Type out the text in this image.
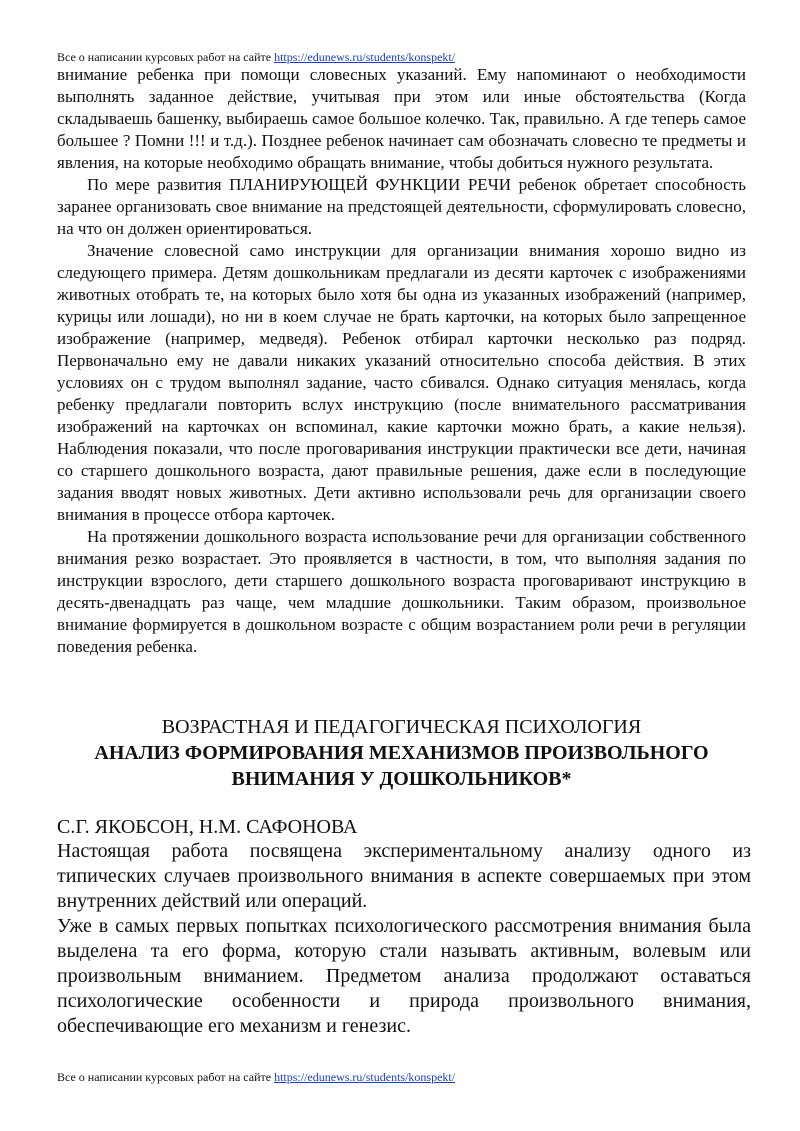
Все о написании курсовых работ на сайте https://edunews.ru/students/konspekt/

внимание ребенка при помощи словесных указаний. Ему напоминают о необходимости выполнять заданное действие, учитывая при этом или иные обстоятельства (Когда складываешь башенку, выбираешь самое большое колечко. Так, правильно. А где теперь самое большее ? Помни !!! и т.д.). Позднее ребенок начинает сам обозначать словесно те предметы и явления, на которые необходимо обращать внимание, чтобы добиться нужного результата.

По мере развития ПЛАНИРУЮЩЕЙ ФУНКЦИИ РЕЧИ ребенок обретает способность заранее организовать свое внимание на предстоящей деятельности, сформулировать словесно, на что он должен ориентироваться.

Значение словесной само инструкции для организации внимания хорошо видно из следующего примера. Детям дошкольникам предлагали из десяти карточек с изображениями животных отобрать те, на которых было хотя бы одна из указанных изображений (например, курицы или лошади), но ни в коем случае не брать карточки, на которых было запрещенное изображение (например, медведя). Ребенок отбирал карточки несколько раз подряд. Первоначально ему не давали никаких указаний относительно способа действия. В этих условиях он с трудом выполнял задание, часто сбивался. Однако ситуация менялась, когда ребенку предлагали повторить вслух инструкцию (после внимательного рассматривания изображений на карточках он вспоминал, какие карточки можно брать, а какие нельзя). Наблюдения показали, что после проговаривания инструкции практически все дети, начиная со старшего дошкольного возраста, дают правильные решения, даже если в последующие задания вводят новых животных. Дети активно использовали речь для организации своего внимания в процессе отбора карточек.

На протяжении дошкольного возраста использование речи для организации собственного внимания резко возрастает. Это проявляется в частности, в том, что выполняя задания по инструкции взрослого, дети старшего дошкольного возраста проговаривают инструкцию в десять-двенадцать раз чаще, чем младшие дошкольники. Таким образом, произвольное внимание формируется в дошкольном возрасте с общим возрастанием роли речи в регуляции поведения ребенка.

ВОЗРАСТНАЯ И ПЕДАГОГИЧЕСКАЯ ПСИХОЛОГИЯ
АНАЛИЗ ФОРМИРОВАНИЯ МЕХАНИЗМОВ ПРОИЗВОЛЬНОГО
ВНИМАНИЯ У ДОШКОЛЬНИКОВ*
С.Г. ЯКОБСОН, Н.М. САФОНОВА

Настоящая работа посвящена экспериментальному анализу одного из типических случаев произвольного внимания в аспекте совершаемых при этом внутренних действий или операций.

Уже в самых первых попытках психологического рассмотрения внимания была выделена та его форма, которую стали называть активным, волевым или произвольным вниманием. Предметом анализа продолжают оставаться психологические особенности и природа произвольного внимания, обеспечивающие его механизм и генезис.

Все о написании курсовых работ на сайте https://edunews.ru/students/konspekt/
